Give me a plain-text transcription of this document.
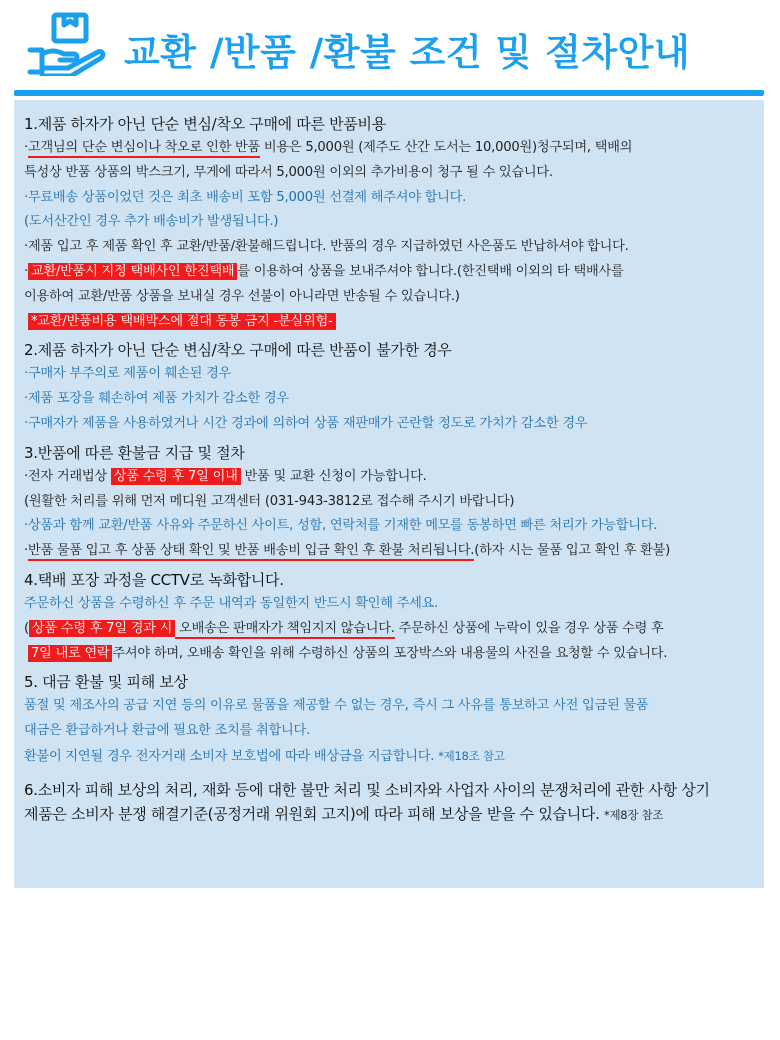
교환 /반품 /환불 조건 및 절차안내
1.제품 하자가 아닌 단순 변심/착오 구매에 따른 반품비용
·고객님의 단순 변심이나 착오로 인한 반품 비용은 5,000원 (제주도 산간 도서는 10,000원)청구되며, 택배의
특성상 반품 상품의 박스크기, 무게에 따라서 5,000원 이외의 추가비용이 청구 될 수 있습니다.
·무료배송 상품이었던 것은 최초 배송비 포함 5,000원 선결제 해주셔야 합니다.
(도서산간인 경우 추가 배송비가 발생됩니다.)
·제품 입고 후 제품 확인 후 교환/반품/환불해드립니다. 반품의 경우 지급하였던 사은품도 반납하셔야 합니다.
· 교환/반품시 지정 택배사인 한진택배 를 이용하여 상품을 보내주셔야 합니다.(한진택배 이외의 타 택배사를
이용하여 교환/반품 상품을 보내실 경우 선불이 아니라면 반송될 수 있습니다.)
*교환/반품비용 택배박스에 절대 동봉 금지 -분실위험-
2.제품 하자가 아닌 단순 변심/착오 구매에 따른 반품이 불가한 경우
·구매자 부주의로 제품이 훼손된 경우
·제품 포장을 훼손하여 제품 가치가 감소한 경우
·구매자가 제품을 사용하였거나 시간 경과에 의하여 상품 재판매가 곤란할 정도로 가치가 감소한 경우
3.반품에 따른 환불금 지급 및 절차
·전자 거래법상 상품 수령 후 7일 이내 반품 및 교환 신청이 가능합니다.
(원활한 처리를 위해 먼저 메디원 고객센터 (031-943-3812로 접수해 주시기 바랍니다)
·상품과 함께 교환/반품 사유와 주문하신 사이트, 성함, 연락처를 기재한 메모를 동봉하면 빠른 처리가 가능합니다.
·반품 물품 입고 후 상품 상태 확인 및 반품 배송비 입금 확인 후 환불 처리됩니다.(하자 시는 물품 입고 확인 후 환불)
4.택배 포장 과정을 CCTV로 녹화합니다.
주문하신 상품을 수령하신 후 주문 내역과 동일한지 반드시 확인해 주세요.
( 상품 수령 후 7일 경과 시 오배송은 판매자가 책임지지 않습니다. 주문하신 상품에 누락이 있을 경우 상품 수령 후
7일 내로 연락 주셔야 하며, 오배송 확인을 위해 수령하신 상품의 포장박스와 내용물의 사진을 요청할 수 있습니다.
5. 대금 환불 및 피해 보상
품절 및 제조사의 공급 지연 등의 이유로 물품을 제공할 수 없는 경우, 즉시 그 사유를 통보하고 사전 입금된 물품
대금은 환급하거나 환급에 필요한 조치를 취합니다.
환불이 지연될 경우 전자거래 소비자 보호법에 따라 배상금을 지급합니다. *제18조 참고
6.소비자 피해 보상의 처리, 재화 등에 대한 불만 처리 및 소비자와 사업자 사이의 분쟁처리에 관한 사항 상기
제품은 소비자 분쟁 해결기준(공정거래 위원회 고지)에 따라 피해 보상을 받을 수 있습니다. *제8장 참조
